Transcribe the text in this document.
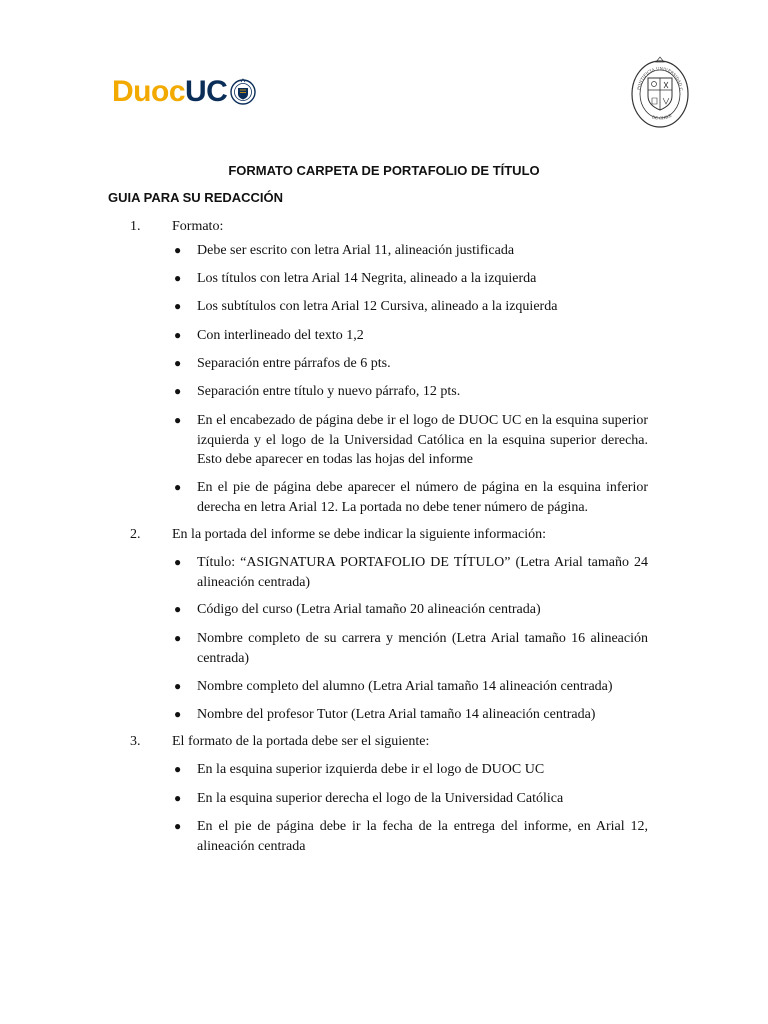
Duoc UC	PONTIFICIA UNIVERSIDAD C
DE CHILE
FORMATO CARPETA DE PORTAFOLIO DE TÍTULO
GUIA PARA SU REDACCIÓN
1.	Formato:
● Debe ser escrito con letra Arial 11, alineación justificada
● Los títulos con letra Arial 14 Negrita, alineado a la izquierda
● Los subtítulos con letra Arial 12 Cursiva, alineado a la izquierda
● Con interlineado del texto 1,2
● Separación entre párrafos de 6 pts.
● Separación entre título y nuevo párrafo, 12 pts.
● En el encabezado de página debe ir el logo de DUOC UC en la esquina superior izquierda y el logo de la Universidad Católica en la esquina superior derecha. Esto debe aparecer en todas las hojas del informe
● En el pie de página debe aparecer el número de página en la esquina inferior derecha en letra Arial 12. La portada no debe tener número de página.
2.	En la portada del informe se debe indicar la siguiente información:
● Título: “ASIGNATURA PORTAFOLIO DE TÍTULO” (Letra Arial tamaño 24 alineación centrada)
● Código del curso (Letra Arial tamaño 20 alineación centrada)
● Nombre completo de su carrera y mención (Letra Arial tamaño 16 alineación centrada)
● Nombre completo del alumno (Letra Arial tamaño 14 alineación centrada)
● Nombre del profesor Tutor (Letra Arial tamaño 14 alineación centrada)
3.	El formato de la portada debe ser el siguiente:
● En la esquina superior izquierda debe ir el logo de DUOC UC
● En la esquina superior derecha el logo de la Universidad Católica
● En el pie de página debe ir la fecha de la entrega del informe, en Arial 12, alineación centrada
